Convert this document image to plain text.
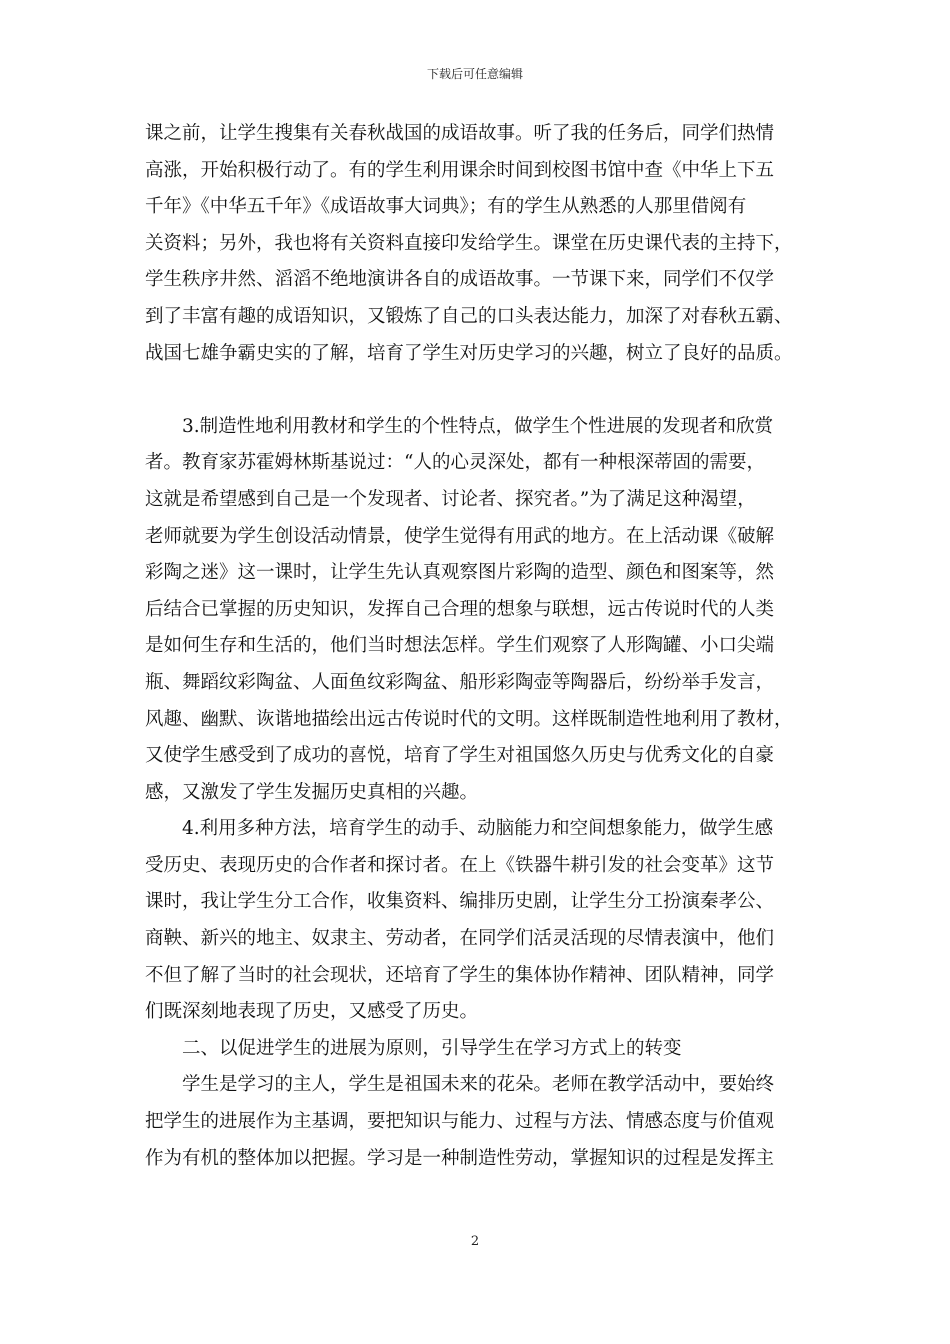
下载后可任意编辑
课之前，让学生搜集有关春秋战国的成语故事。听了我的任务后，同学们热情
高涨，开始积极行动了。有的学生利用课余时间到校图书馆中查《中华上下五
千年》《中华五千年》《成语故事大词典》；有的学生从熟悉的人那里借阅有
关资料；另外，我也将有关资料直接印发给学生。课堂在历史课代表的主持下，
学生秩序井然、滔滔不绝地演讲各自的成语故事。一节课下来，同学们不仅学
到了丰富有趣的成语知识，又锻炼了自己的口头表达能力，加深了对春秋五霸、
战国七雄争霸史实的了解，培育了学生对历史学习的兴趣，树立了良好的品质。
　　3.制造性地利用教材和学生的个性特点，做学生个性进展的发现者和欣赏
者。教育家苏霍姆林斯基说过：“人的心灵深处，都有一种根深蒂固的需要，
这就是希望感到自己是一个发现者、讨论者、探究者。”为了满足这种渴望，
老师就要为学生创设活动情景，使学生觉得有用武的地方。在上活动课《破解
彩陶之迷》这一课时，让学生先认真观察图片彩陶的造型、颜色和图案等，然
后结合已掌握的历史知识，发挥自己合理的想象与联想，远古传说时代的人类
是如何生存和生活的，他们当时想法怎样。学生们观察了人形陶罐、小口尖端
瓶、舞蹈纹彩陶盆、人面鱼纹彩陶盆、船形彩陶壶等陶器后，纷纷举手发言，
风趣、幽默、诙谐地描绘出远古传说时代的文明。这样既制造性地利用了教材，
又使学生感受到了成功的喜悦，培育了学生对祖国悠久历史与优秀文化的自豪
感，又激发了学生发掘历史真相的兴趣。
　　4.利用多种方法，培育学生的动手、动脑能力和空间想象能力，做学生感
受历史、表现历史的合作者和探讨者。在上《铁器牛耕引发的社会变革》这节
课时，我让学生分工合作，收集资料、编排历史剧，让学生分工扮演秦孝公、
商鞅、新兴的地主、奴隶主、劳动者，在同学们活灵活现的尽情表演中，他们
不但了解了当时的社会现状，还培育了学生的集体协作精神、团队精神，同学
们既深刻地表现了历史，又感受了历史。
　　二、以促进学生的进展为原则，引导学生在学习方式上的转变
　　学生是学习的主人，学生是祖国未来的花朵。老师在教学活动中，要始终
把学生的进展作为主基调，要把知识与能力、过程与方法、情感态度与价值观
作为有机的整体加以把握。学习是一种制造性劳动，掌握知识的过程是发挥主
2
